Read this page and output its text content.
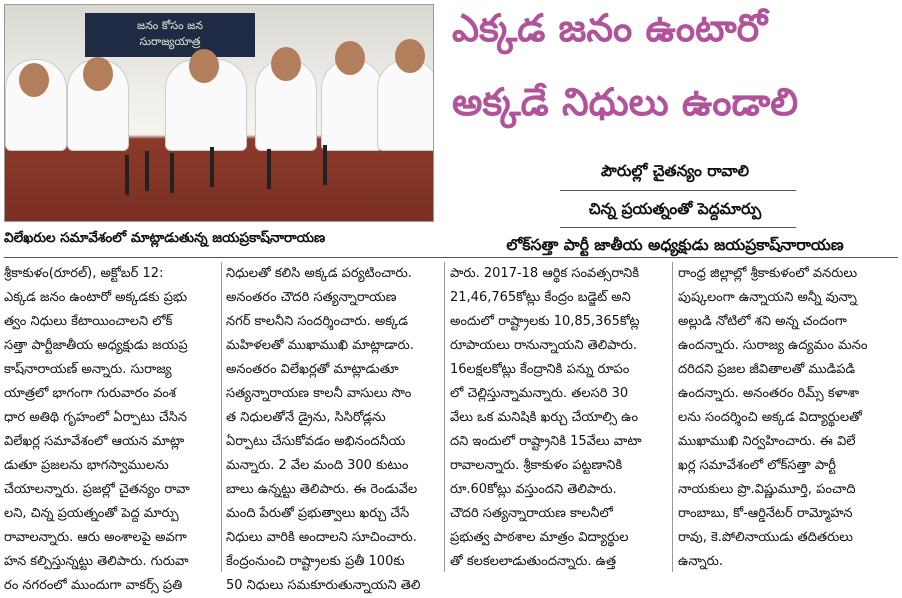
జనం కోసం జన
సురాజ్యయాత్ర
విలేఖరుల సమావేశంలో మాట్లాడుతున్న జయప్రకాష్‌నారాయణ
ఎక్కడ జనం ఉంటారో
అక్కడే నిధులు ఉండాలి
పౌరుల్లో చైతన్యం రావాలి
చిన్న ప్రయత్నంతో పెద్దమార్పు
లోక్‌సత్తా పార్టీ జాతీయ అధ్యక్షుడు జయప్రకాష్‌నారాయణ

శ్రీకాకుళం(రూరల్), అక్టోబర్ 12:

ఎక్కడ జనం ఉంటారో అక్కడకు ప్రభు

త్వం నిధులు కేటాయించాలని లోక్

సత్తా పార్టీజాతీయ అధ్యక్షుడు జయప్ర

కాష్‌నారాయణ్ అన్నారు. సురాజ్య

యాత్రలో భాగంగా గురువారం వంశ

ధార అతిథి గృహంలో ఏర్పాటు చేసిన

విలేఖర్ల సమావేశంలో ఆయన మాట్లా

డుతూ ప్రజలను భాగస్వాములను

చేయాలన్నారు. ప్రజల్లో చైతన్యం రావా

లని, చిన్న ప్రయత్నంతో పెద్ద మార్పు

రావాలన్నారు. ఆరు అంశాలపై అవగా

హన కల్పిస్తున్నట్టు తెలిపారు. గురువా

రం నగరంలో ముందుగా వాకర్స్ ప్రతి

నిధులతో కలిసి అక్కడ పర్యటించారు.

అనంతరం చౌదరి సత్యన్నారాయణ

నగర్ కాలనీని సందర్శించారు. అక్కడ

మహిళలతో ముఖాముఖి మాట్లాడారు.

అనంతరం విలేఖర్లతో మాట్లాడుతూ

సత్యన్నారాయణ కాలనీ వాసులు సొం

త నిధులతోనే డ్రైను, సిసిరోడ్లను

ఏర్పాటు చేసుకోవడం అభినందనీయ

మన్నారు. 2 వేల మంది 300 కుటుం

బాలు ఉన్నట్టు తెలిపారు. ఈ రెండువేల

మంది పేరుతో ప్రభుత్వాలు ఖర్చు చేసే

నిధులు వారికి అందాలని సూచించారు.

కేంద్రంనుంచి రాష్ట్రాలకు ప్రతీ 100కు

50 నిధులు సమకూరుతున్నాయని తెలి

పారు. 2017-18 ఆర్థిక సంవత్సరానికి

21,46,765కోట్లు కేంద్రం బడ్జెట్ అని

అందులో రాష్ట్రాలకు 10,85,365కోట్ల

రూపాయలు రానున్నాయని తెలిపారు.

16లక్షలకోట్లు కేంద్రానికి పన్ను రూపం

లో చెల్లిస్తున్నామన్నారు. తలసరి 30

వేలు ఒక మనిషికి ఖర్చు చేయాల్సి ఉం

దని ఇందులో రాష్ట్రానికి 15వేలు వాటా

రావాలన్నారు. శ్రీకాకుళం పట్టణానికి

రూ.60కోట్లు వస్తుందని తెలిపారు.

చౌదరి సత్యన్నారాయణ కాలనీలో

ప్రభుత్వ పాఠశాల మాత్రం విద్యార్థుల

తో కలకలలాడుతుందన్నారు. ఉత్త

రాంధ్ర జిల్లాల్లో శ్రీకాకుళంలో వనరులు

పుష్కలంగా ఉన్నాయని అన్నీ వున్నా

అల్లుడి నోటిలో శని అన్న చందంగా

ఉందన్నారు. సురాజ్య ఉద్యమం మనం

దరిదని ప్రజల జీవితాలతో ముడిపడి

ఉందన్నారు. అనంతరం రిమ్స్ కళాశా

లను సందర్శించి అక్కడ విద్యార్థులతో

ముఖాముఖి నిర్వహించారు. ఈ విలే

ఖర్ల సమావేశంలో లోక్‌సత్తా పార్టీ

నాయకులు ప్రొ.విష్ణుమూర్తి, పంచాది

రాంబాబు, కో-ఆర్డినేటర్ రామ్మోహన

రావు, కె.పోలినాయుడు తదితరులు

ఉన్నారు.
